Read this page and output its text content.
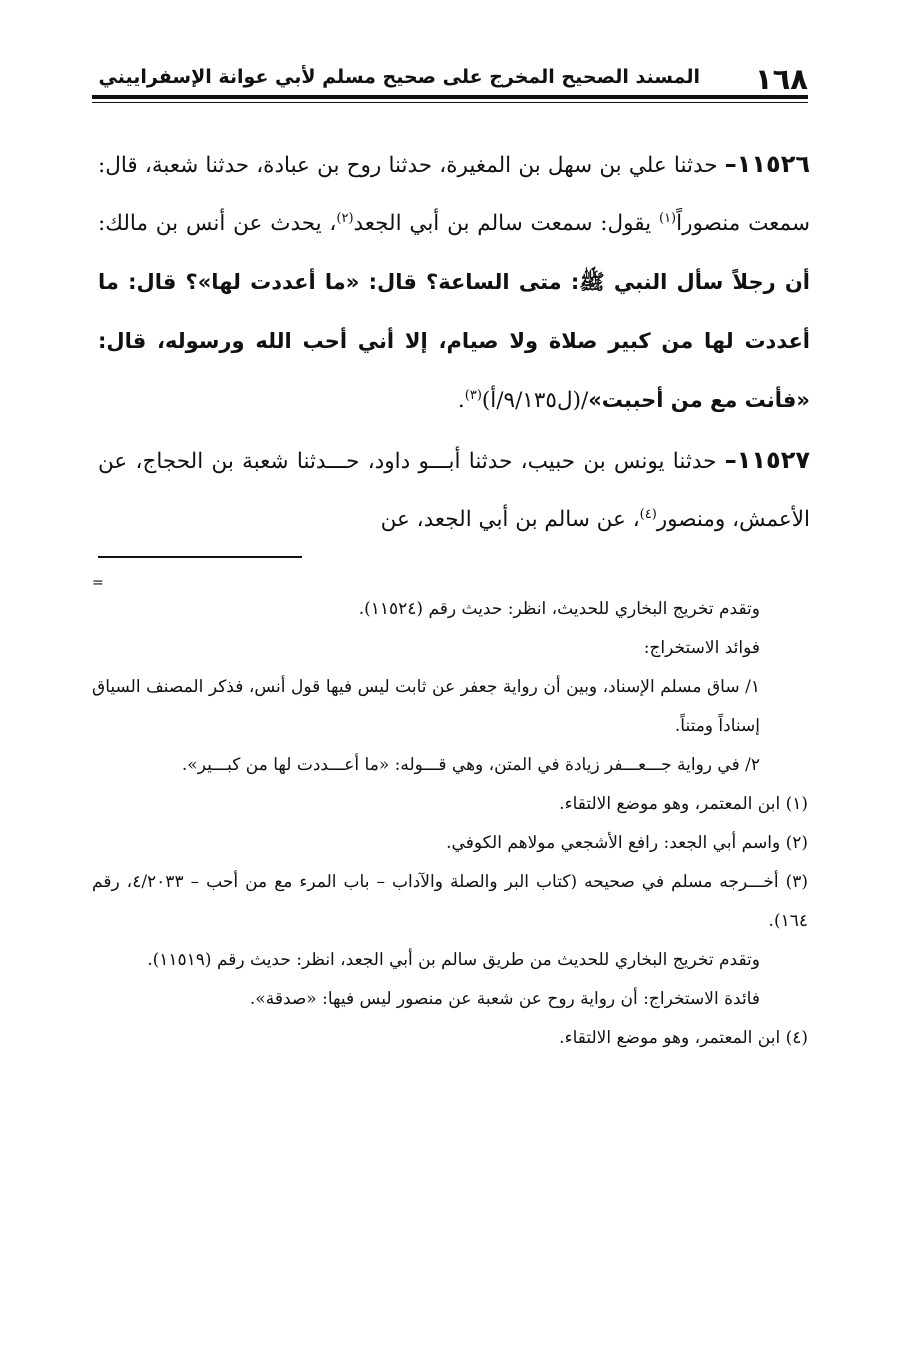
١٦٨
المسند الصحيح المخرج على صحيح مسلم لأبي عوانة الإسفراييني

١١٥٢٦– حدثنا علي بن سهل بن المغيرة، حدثنا روح بن عبادة، حدثنا شعبة، قال: سمعت منصوراً$^{(١)}$ يقول: سمعت سالم بن أبي الجعد$^{(٢)}$، يحدث عن أنس بن مالك: أن رجلاً سأل النبي ﷺ: متى الساعة؟ قال: «ما أعددت لها»؟ قال: ما أعددت لها من كبير صلاة ولا صيام، إلا أني أحب الله ورسوله، قال: «فأنت مع من أحببت»/(ل٩/١٣٥/أ)$^{(٣)}$.

١١٥٢٧– حدثنا يونس بن حبيب، حدثنا أبـــو داود، حـــدثنا شعبة بن الحجاج، عن الأعمش، ومنصور$^{(٤)}$، عن سالم بن أبي الجعد، عن

=

وتقدم تخريج البخاري للحديث، انظر: حديث رقم (١١٥٢٤).

فوائد الاستخراج:

١/ ساق مسلم الإسناد، وبين أن رواية جعفر عن ثابت ليس فيها قول أنس، فذكر المصنف السياق إسناداً ومتناً.

٢/ في رواية جـــعـــفر زيادة في المتن، وهي قـــوله: «ما أعـــددت لها من كبـــير».

(١) ابن المعتمر، وهو موضع الالتقاء.

(٢) واسم أبي الجعد: رافع الأشجعي مولاهم الكوفي.

(٣) أخـــرجه مسلم في صحيحه (كتاب البر والصلة والآداب – باب المرء مع من أحب – ٤/٢٠٣٣، رقم ١٦٤).

وتقدم تخريج البخاري للحديث من طريق سالم بن أبي الجعد، انظر: حديث رقم (١١٥١٩).

فائدة الاستخراج: أن رواية روح عن شعبة عن منصور ليس فيها: «صدقة».

(٤) ابن المعتمر، وهو موضع الالتقاء.
